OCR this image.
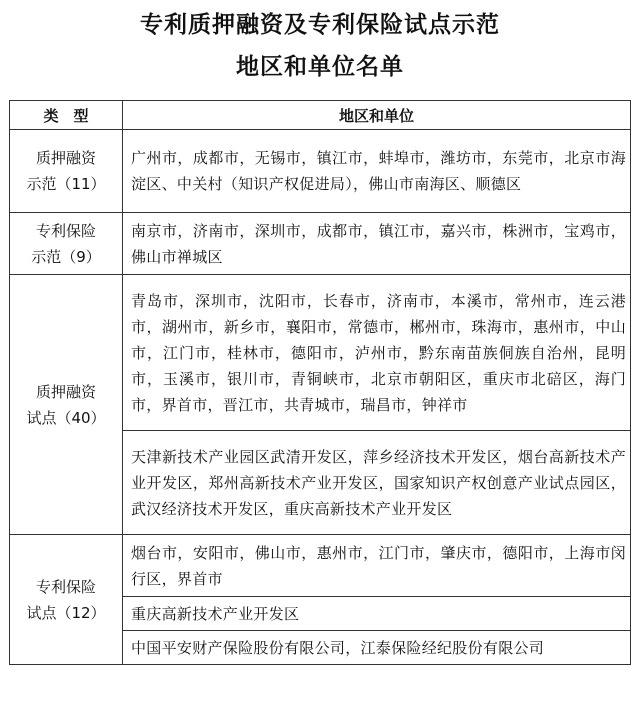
专利质押融资及专利保险试点示范
地区和单位名单
类　型	地区和单位

质押融资
示范（11）	广州市，成都市，无锡市，镇江市，蚌埠市，潍坊市，东莞市，北京市海淀区、中关村（知识产权促进局），佛山市南海区、顺德区

专利保险
示范（9）	南京市，济南市，深圳市，成都市，镇江市，嘉兴市，株洲市，宝鸡市，佛山市禅城区

质押融资
试点（40）	青岛市，深圳市，沈阳市，长春市，济南市，本溪市，常州市，连云港市，湖州市，新乡市，襄阳市，常德市，郴州市，珠海市，惠州市，中山市，江门市，桂林市，德阳市，泸州市，黔东南苗族侗族自治州，昆明市，玉溪市，银川市，青铜峡市，北京市朝阳区，重庆市北碚区，海门市，界首市，晋江市，共青城市，瑞昌市，钟祥市
	天津新技术产业园区武清开发区，萍乡经济技术开发区，烟台高新技术产业开发区，郑州高新技术产业开发区，国家知识产权创意产业试点园区，武汉经济技术开发区，重庆高新技术产业开发区

专利保险
试点（12）	烟台市，安阳市，佛山市，惠州市，江门市，肇庆市，德阳市，上海市闵行区，界首市
	重庆高新技术产业开发区
	中国平安财产保险股份有限公司，江泰保险经纪股份有限公司
